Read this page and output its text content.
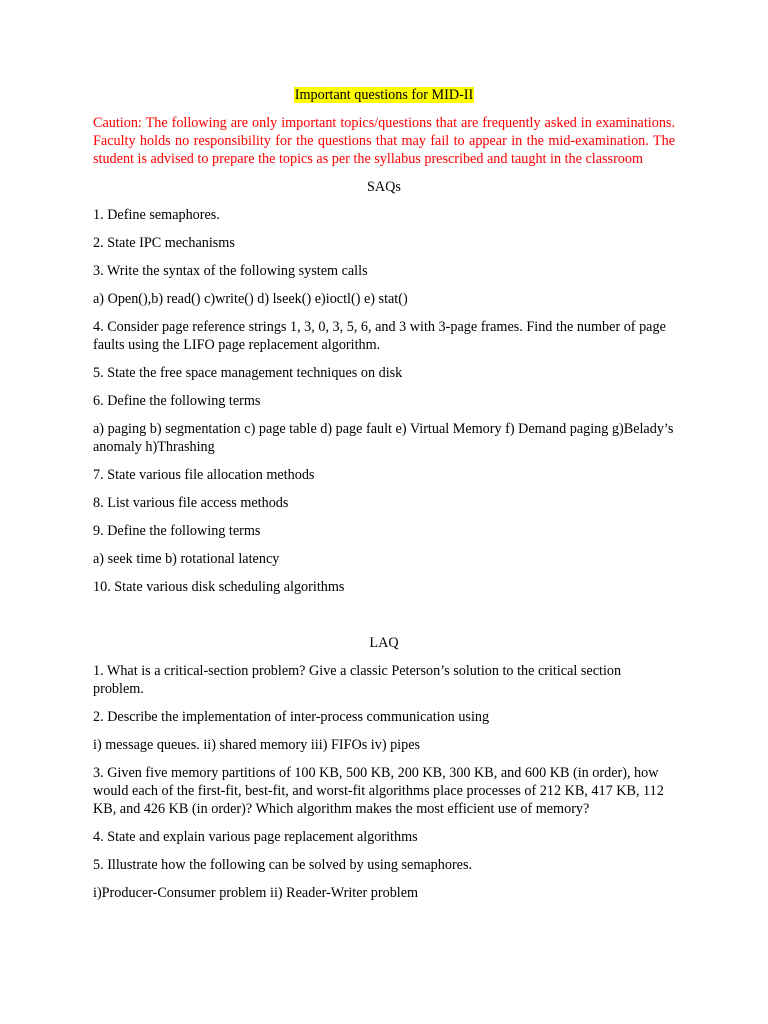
Important questions for MID-II
Caution: The following are only important topics/questions that are frequently asked in examinations. Faculty holds no responsibility for the questions that may fail to appear in the mid-examination. The student is advised to prepare the topics as per the syllabus prescribed and taught in the classroom
SAQs
1. Define semaphores.
2. State IPC mechanisms
3. Write the syntax of the following system calls
a) Open(),b) read() c)write() d) lseek() e)ioctl() e) stat()
4. Consider page reference strings 1, 3, 0, 3, 5, 6, and 3 with 3-page frames. Find the number of page faults using the LIFO page replacement algorithm.
5. State the free space management techniques on disk
6. Define the following terms
a) paging b) segmentation c) page table d) page fault e) Virtual Memory f) Demand paging g)Belady’s anomaly h)Thrashing
7. State various file allocation methods
8. List various file access methods
9. Define the following terms
a) seek time b) rotational latency
10. State various disk scheduling algorithms
LAQ
1. What is a critical-section problem? Give a classic Peterson’s solution to the critical section problem.
2. Describe the implementation of inter-process communication using
i) message queues. ii) shared memory iii) FIFOs iv) pipes
3. Given five memory partitions of 100 KB, 500 KB, 200 KB, 300 KB, and 600 KB (in order), how would each of the first-fit, best-fit, and worst-fit algorithms place processes of 212 KB, 417 KB, 112 KB, and 426 KB (in order)? Which algorithm makes the most efficient use of memory?
4. State and explain various page replacement algorithms
5. Illustrate how the following can be solved by using semaphores.
i)Producer-Consumer problem ii) Reader-Writer problem
